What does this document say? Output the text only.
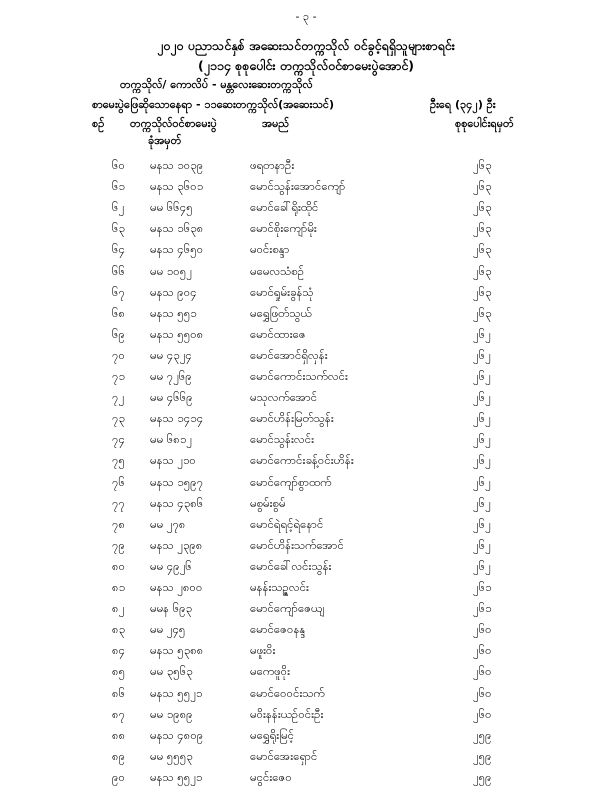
- ၃ -
၂၀၂၀ ပညာသင်နှစ် အဆေးသင်တက္ကသိုလ် ဝင်ခွင့်ရရှိသူများစာရင်း
(၂၁၁၄ စုစုပေါင်း တက္ကသိုလ်ဝင်စာမေးပွဲအောင်)
တက္ကသိုလ်/ ကောလိပ် - မန္တလေးဆေးတက္ကသိုလ်
စာမေးပွဲဖြေဆိုသောနေရာ - ၁၁ဆေးတက္ကသိုလ်(အဆေးသင်)	ဦးရေ (၃၄၂) ဦး
စဉ် တက္ကသိုလ်ဝင်စာမေးပွဲ	အမည်	စုစုပေါင်းရမှတ်
ခုံအမှတ်
၆၀ မနသ ၁၀၃၉	ဖရတနာဦး	၂၆၃
၆၁ မနသ ၃၆၀၁	မောင်သွန်းအောင်ကျော်	၂၆၃
၆၂ မမ ၆၆၄၅	မောင်ခေါ်ရိုးထိုင်	၂၆၃
၆၃ မနသ ၁၆၃၈	မောင်စိုးကျော်မိုး	၂၆၃
၆၄ မနသ ၄၆၅၀	မဝင်းစန္ဒာ	၂၆၃
၆၆ မမ ၁၀၅၂	မမေလသံစဉ်	၂၆၃
၆၇ မနသ ၉၀၄	မောင်ရှုမ်းခွန်သုံ	၂၆၃
၆၈ မနသ ၅၅၁	မရွှေဖြတ်သွယ်	၂၆၃
၆၉ မနသ ၅၅၀၈	မောင်ထားဇေ	၂၆၂
၇၀ မမ ၄၃၂၄	မောင်အောင်ရှိလှန်း	၂၆၂
၇၁ မမ ၇၂၆၉	မောင်ကောင်းသက်လင်း	၂၆၂
၇၂ မမ ၄၆၆၉	မသုလက်အောင်	၂၆၂
၇၃ မနသ ၁၄၁၄	မောင်ဟိန်းမြတ်သွန်း	၂၆၂
၇၄ မမ ၆၈၁၂	မောင်သွန်းလင်း	၂၆၂
၇၅ မနသ ၂၁၀	မောင်ကောင်းခန့်ဝင်းဟိန်း	၂၆၂
၇၆ မနသ ၁၅၉၇	မောင်ကျော်စွာထက်	၂၆၂
၇၇ မနသ ၄၃၈၆	မစွမ်းစွမ်	၂၆၂
၇၈ မမ ၂၇၈	မောင်ရဲရင့်ရဲနောင်	၂၆၂
၇၉ မနသ ၂၃၉၈	မောင်ဟိန်းသက်အောင်	၂၆၂
၈၀ မမ ၄၉၂၆	မောင်ခေါ်လင်းသွန်း	၂၆၂
၈၁ မနသ ၂၈၀၀	မနန်းသဉ္ဇလင်း	၂၆၁
၈၂ မမန ၆၉၃	မောင်ကျော်ဇေယျ	၂၆၁
၈၃ မမ ၂၄၅	မောင်ဇေဝနန္ဒ	၂၆၀
၈၄ မနသ ၅၃၈၈	မဖူးဝိး	၂၆၀
၈၅ မမ ၃၅၆၃	မကေဖူဝိုး	၂၆၀
၈၆ မနသ ၅၅၂၁	မောင်ဝေဝင်းသက်	၂၆၀
၈၇ မမ ၁၉၈၉	မဝိးနန်းယဉ်ဝင်းဦး	၂၆၀
၈၈ မနသ ၄၈၀၉	မရွှေရိုးမြင့်	၂၅၉
၈၉ မမ ၅၅၅၃	မောင်အေးရှောင်	၂၅၉
၉၀ မနသ ၅၅၂၁	မငွင်းဇေဝ	၂၅၉
